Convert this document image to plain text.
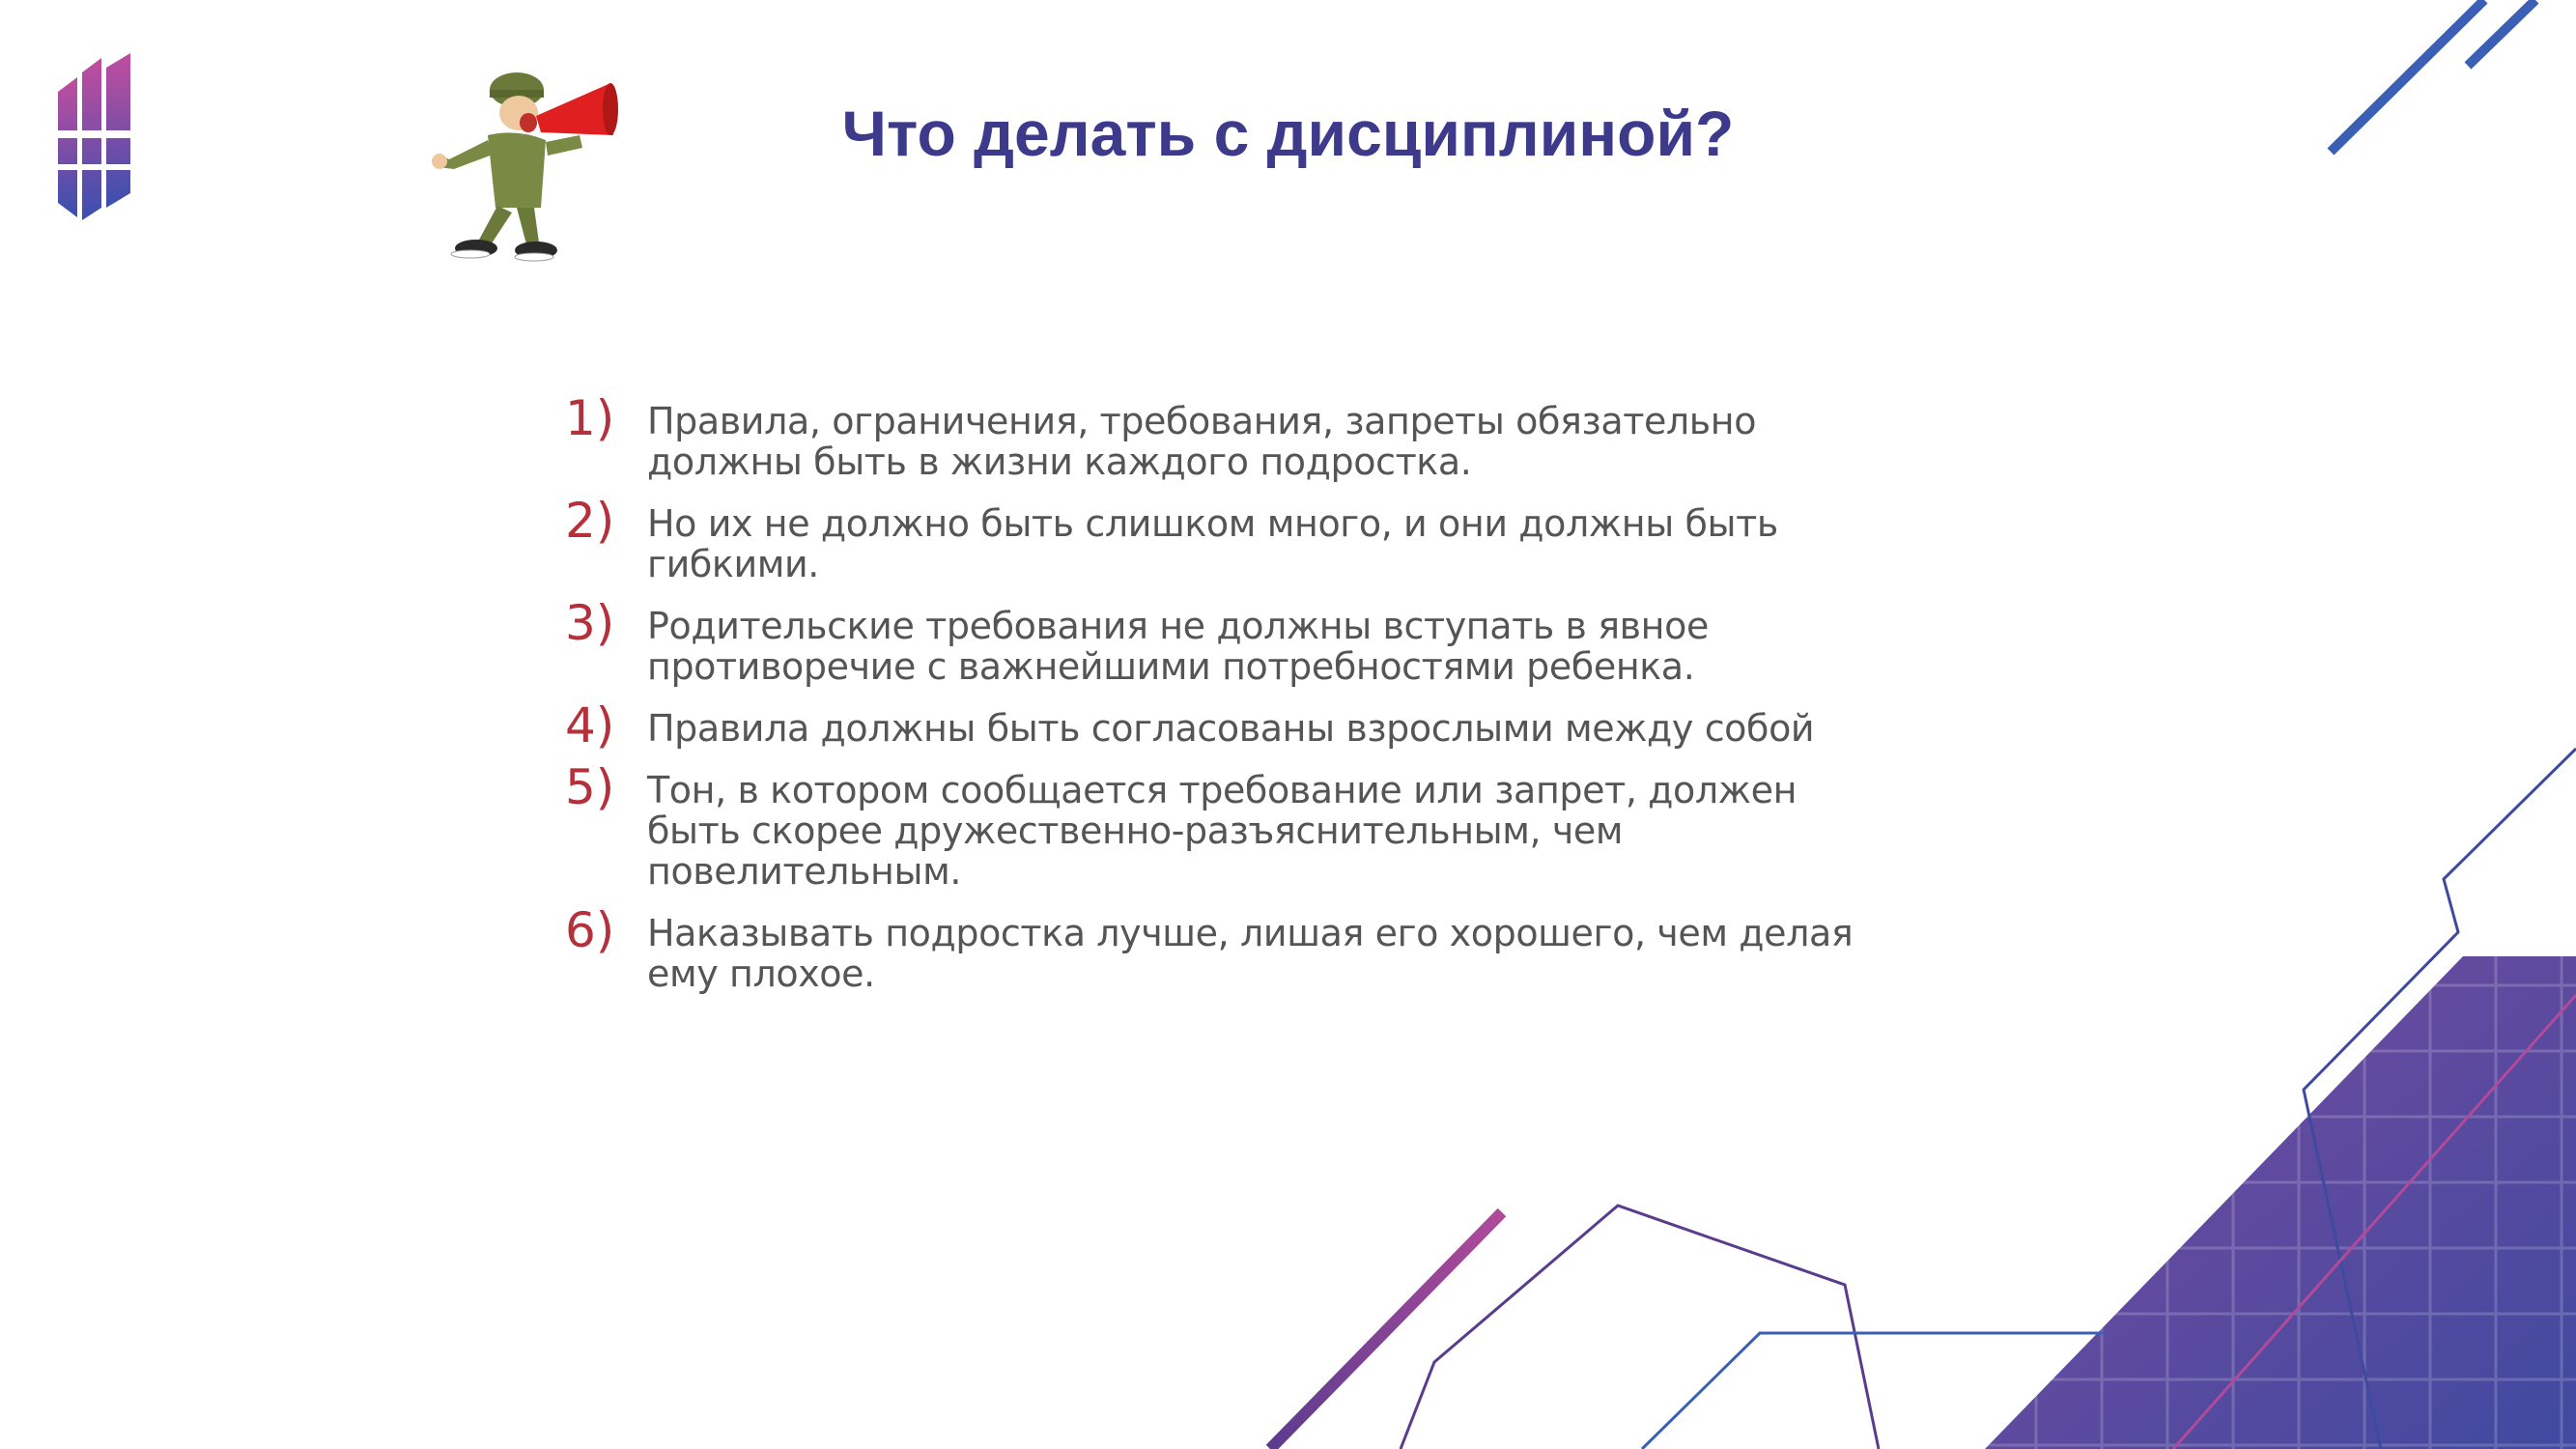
Что делать с дисциплиной?
1) Правила, ограничения, требования, запреты обязательно должны быть в жизни каждого подростка.
2) Но их не должно быть слишком много, и они должны быть гибкими.
3) Родительские требования не должны вступать в явное противоречие с важнейшими потребностями ребенка.
4) Правила должны быть согласованы взрослыми между собой
5) Тон, в котором сообщается требование или запрет, должен быть скорее дружественно-разъяснительным, чем повелительным.
6) Наказывать подростка лучше, лишая его хорошего, чем делая ему плохое.
